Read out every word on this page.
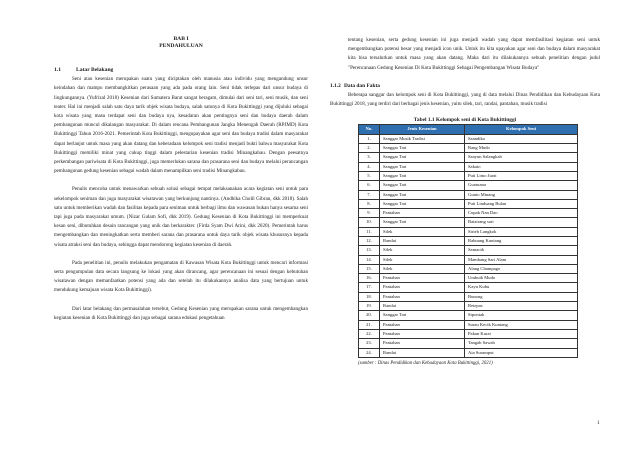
BAB I
PENDAHULUAN
1.1	Latar Belakang

Seni atau kesenian merupakan suatu yang diciptakan oleh manusia atau individu yang mengandung unsur keindahan dan mampu membangkitkan perasaan yang ada pada orang lain. Seni tidak terlepas dari unsur budaya di lingkungannya. (Yufrizal 2018) Kesenian dari Sumatera Barat sangat beragam, dimulai dari seni tari, seni musik, dan seni teater. Hal ini menjadi salah satu daya tarik objek wisata budaya, salah satunya di Kota Bukittinggi yang dijuluki sebagai kota wisata yang masu terdapat seni dan budaya nya, kesadaran akan pentingnya seni dan budaya daerah dalam pembangunan muncul dikalangan masyarakat. Di dalam rencana Pembangunan Jangka Menengah Daerah (RPJMD) Kota Bukittinggi Tahun 2016-2021. Pemerintah Kota Bukittinggi, mengupayakan agar seni dan budaya tradisi dalam masyarakat dapat berlanjut untuk masa yang akan datang dan keberadaan kelompok seni tradisi menjadi bukti bahwa masyarakat Kota Bukittinggi memiliki minat yang cukup tinggi dalam pelestarian kesenian tradisi Minangkabau. Dengan peesatnya perkembangan pariwisata di Kota Bukittinggi, juga memerlukan sarana dan prasarana seni dan budaya melalui perancangan pembangunan gedung kesenian sebagai wadah dalam menampilkan seni tradisi Minangkabau.

Penulis mencoba untuk menawarkan sebuah solusi sebagai tempat melaksanakan acara kegiatan seni untuk para sekelompok seniman dan juga masyarakat wisatawan yang berkunjung nantinya. (Andhika Cholil Gibran, dkk 2018). Salah satu untuk memberikan wadah dan fasilitas kepada para seniman untuk berbagi ilmu dan wawasan bukan hanya sesama seni tapi juga pada masyarakat umum. (Nizar Gulam Sofi, dkk 2019). Gedung Kesenian di Kota Bukittinggi ini memperkuat kesan seni, dibutuhkan desain rancangan yang unik dan berkarakter. (Firda Syam Dwi Arini, dkk 2020). Pemerintah harus mengembangkan dan meningkatkan serta memberi sarana dan prasarana untuk daya tarik objek wisata khususnya kepada wisata atraksi seni dan budaya, sehingga dapat mendorong kegiatan kesenian di daerah.

Pada penelitian ini, penulis melakukan pengamatan di Kawasan Wisata Kota Bukittinggi untuk mencari informasi serta pengumpulan data secara langsung ke lokasi yang akan dirancang, agar perencanaan ini sesuai dengan kebutuhan wisatawan dengan memanfaatkan potensi yang ada dan setelah itu dilakukannya analisa data yang bertujuan untuk mendukung kemajuan wisata Kota Bukittinggi).

Dari latar belakang dan permasalahan tersebut, Gedung Kesenian yang merupakan sarana untuk mengembangkan kegiatan kesenian di Kota Bukittinggi dan juga sebagai sarana edukasi pengetahuan

tentang kesenian, serta gedung kesenian ini juga menjadi wadah yang dapat memfasilitasi kegiatan seni untuk mengembangkan potensi besar yang menjadi icon unik. Untuk itu kita upayakan agar seni dan budaya dalam masyarakat kita bisa tersalurkan untuk masa yang akan datang. Maka dari itu dilakukannya sebuah penelitian dengan judul "Perencanaan Gedung Kesenian Di Kota Bukittinggi Sebagai Pengembangan Wisata Budaya"

1.1.2 Data dan Fakta

Beberapa sanggar dan kelompok seni di Kota Bukittinggi, yang di data melalui Dinas Pendidikan dan Kebudayaan Kota Bukittinggi 2018, yang terdiri dari berbagai jenis kesenian, yaitu silek, tari, randai, pantahan, musik tradisi

Tabel 1.1 Kelompok seni di Kota Bukittinggi
No.	Jenis Kesenian	Kelompok Seni
1.	Sanggar Musik Tradisi	Saandiko
2.	Sanggar Tari	Rang Mudo
3.	Sanggar Tari	Saayun Salangkah
4.	Sanggar Tari	Sakato
5.	Sanggar Tari	Puti Limo Jurai
6.	Sanggar Tari	Gurauana
7.	Sanggar Tari	Gunto Minang
8.	Sanggar Tari	Puti Linduang Bulan
9.	Pantahan	Cupak Nan Dao
10.	Sanggar Tari	Baiairang sari
11.	Silek	Sirieh Langkok
12.	Randai	Rabuang Kuniang
13.	Silek	Samaoik
14.	Silek	Mambang Sari Alam
15.	Silek	Alang Champago
16.	Pantahan	Umbuik Mudo
17.	Pantahan	Kayu Kubu
18.	Pantahan	Bunong
19.	Randai	Retepas
20.	Sanggar Tari	Sipontak
21.	Pantahan	Surau Kecik Kuniang
22.	Pantahan	Pakan Kurai
23.	Pantahan	Tangah Sawah
24.	Randai	Aia Suramput
(sumber : Dinas Pendidikan dan Kebudayaan Kota Bukittinggi, 2021)
1
